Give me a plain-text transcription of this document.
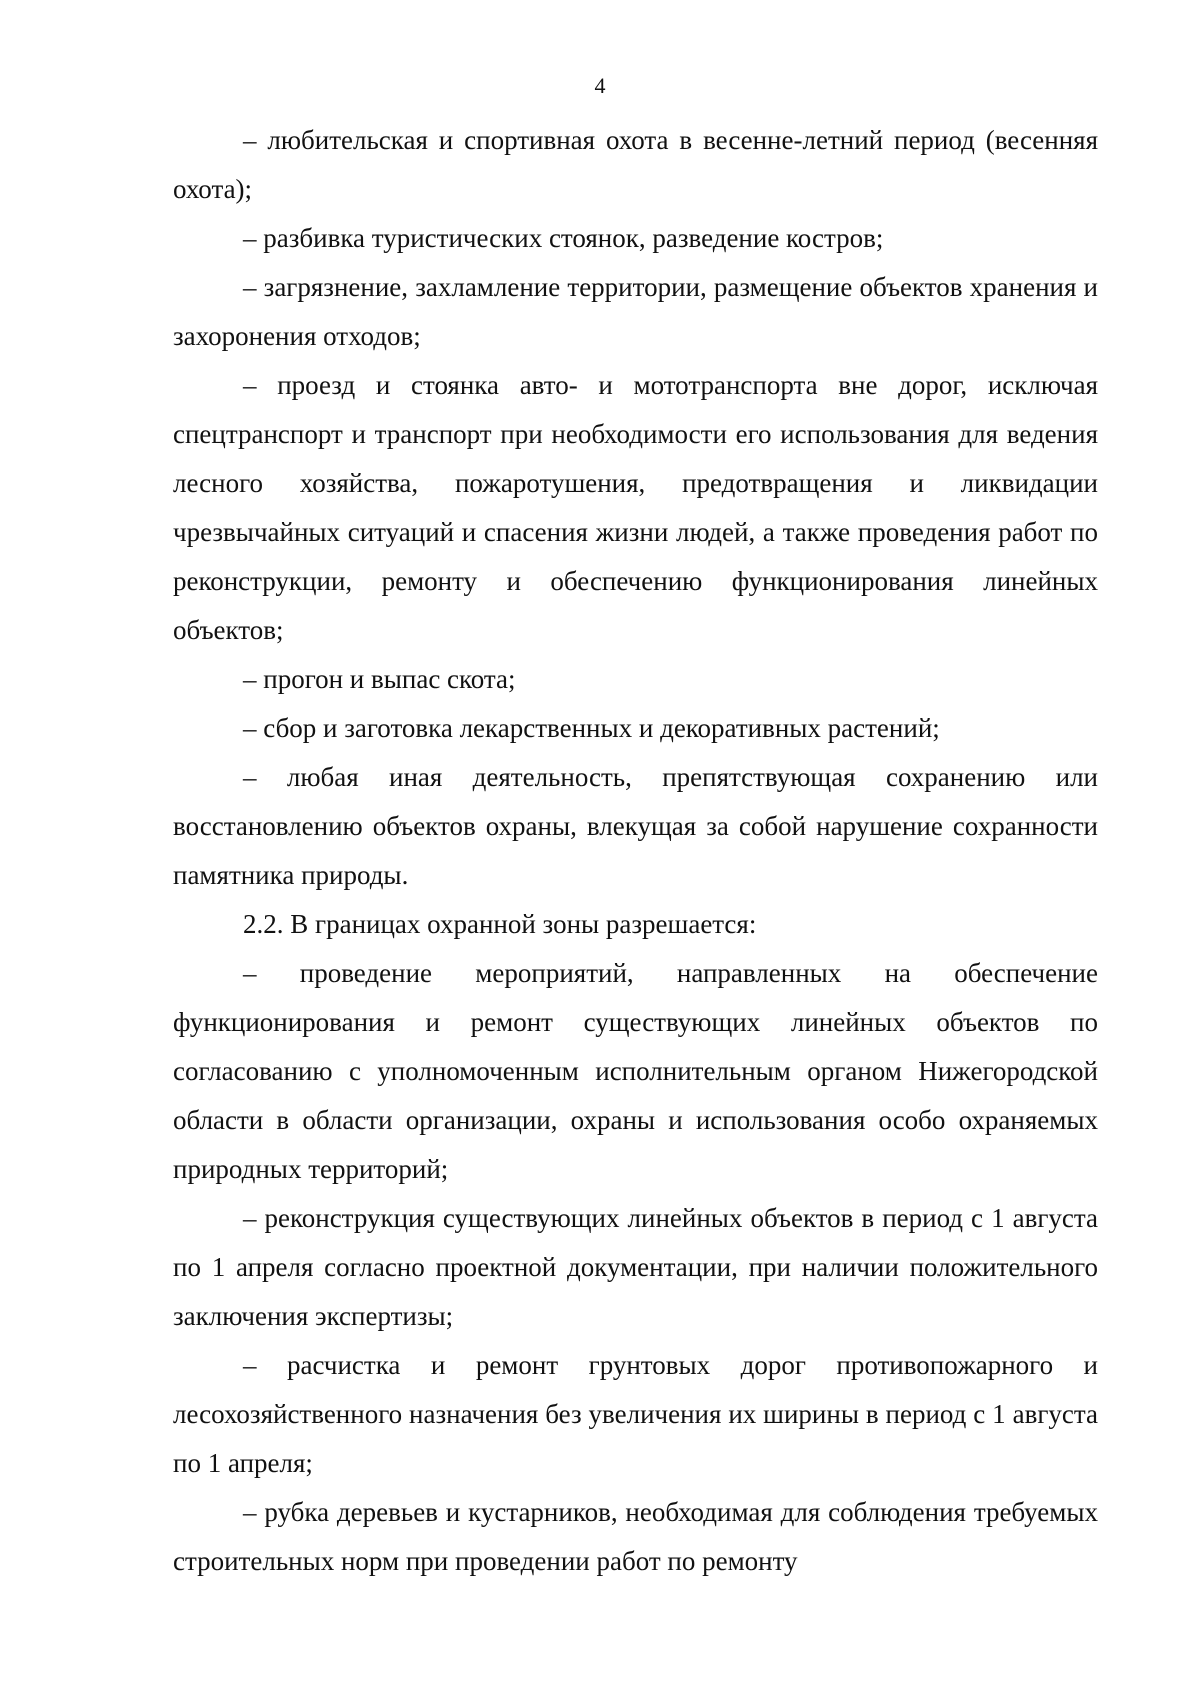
4

– любительская и спортивная охота в весенне-летний период (весенняя охота);

– разбивка туристических стоянок, разведение костров;

– загрязнение, захламление территории, размещение объектов хранения и захоронения отходов;

– проезд и стоянка авто- и мототранспорта вне дорог, исключая спецтранспорт и транспорт при необходимости его использования для ведения лесного хозяйства, пожаротушения, предотвращения и ликвидации чрезвычайных ситуаций и спасения жизни людей, а также проведения работ по реконструкции, ремонту и обеспечению функционирования линейных объектов;

– прогон и выпас скота;

– сбор и заготовка лекарственных и декоративных растений;

– любая иная деятельность, препятствующая сохранению или восстановлению объектов охраны, влекущая за собой нарушение сохранности памятника природы.

2.2. В границах охранной зоны разрешается:

– проведение мероприятий, направленных на обеспечение функционирования и ремонт существующих линейных объектов по согласованию с уполномоченным исполнительным органом Нижегородской области в области организации, охраны и использования особо охраняемых природных территорий;

– реконструкция существующих линейных объектов в период с 1 августа по 1 апреля согласно проектной документации, при наличии положительного заключения экспертизы;

– расчистка и ремонт грунтовых дорог противопожарного и лесохозяйственного назначения без увеличения их ширины в период с 1 августа по 1 апреля;

– рубка деревьев и кустарников, необходимая для соблюдения требуемых строительных норм при проведении работ по ремонту
